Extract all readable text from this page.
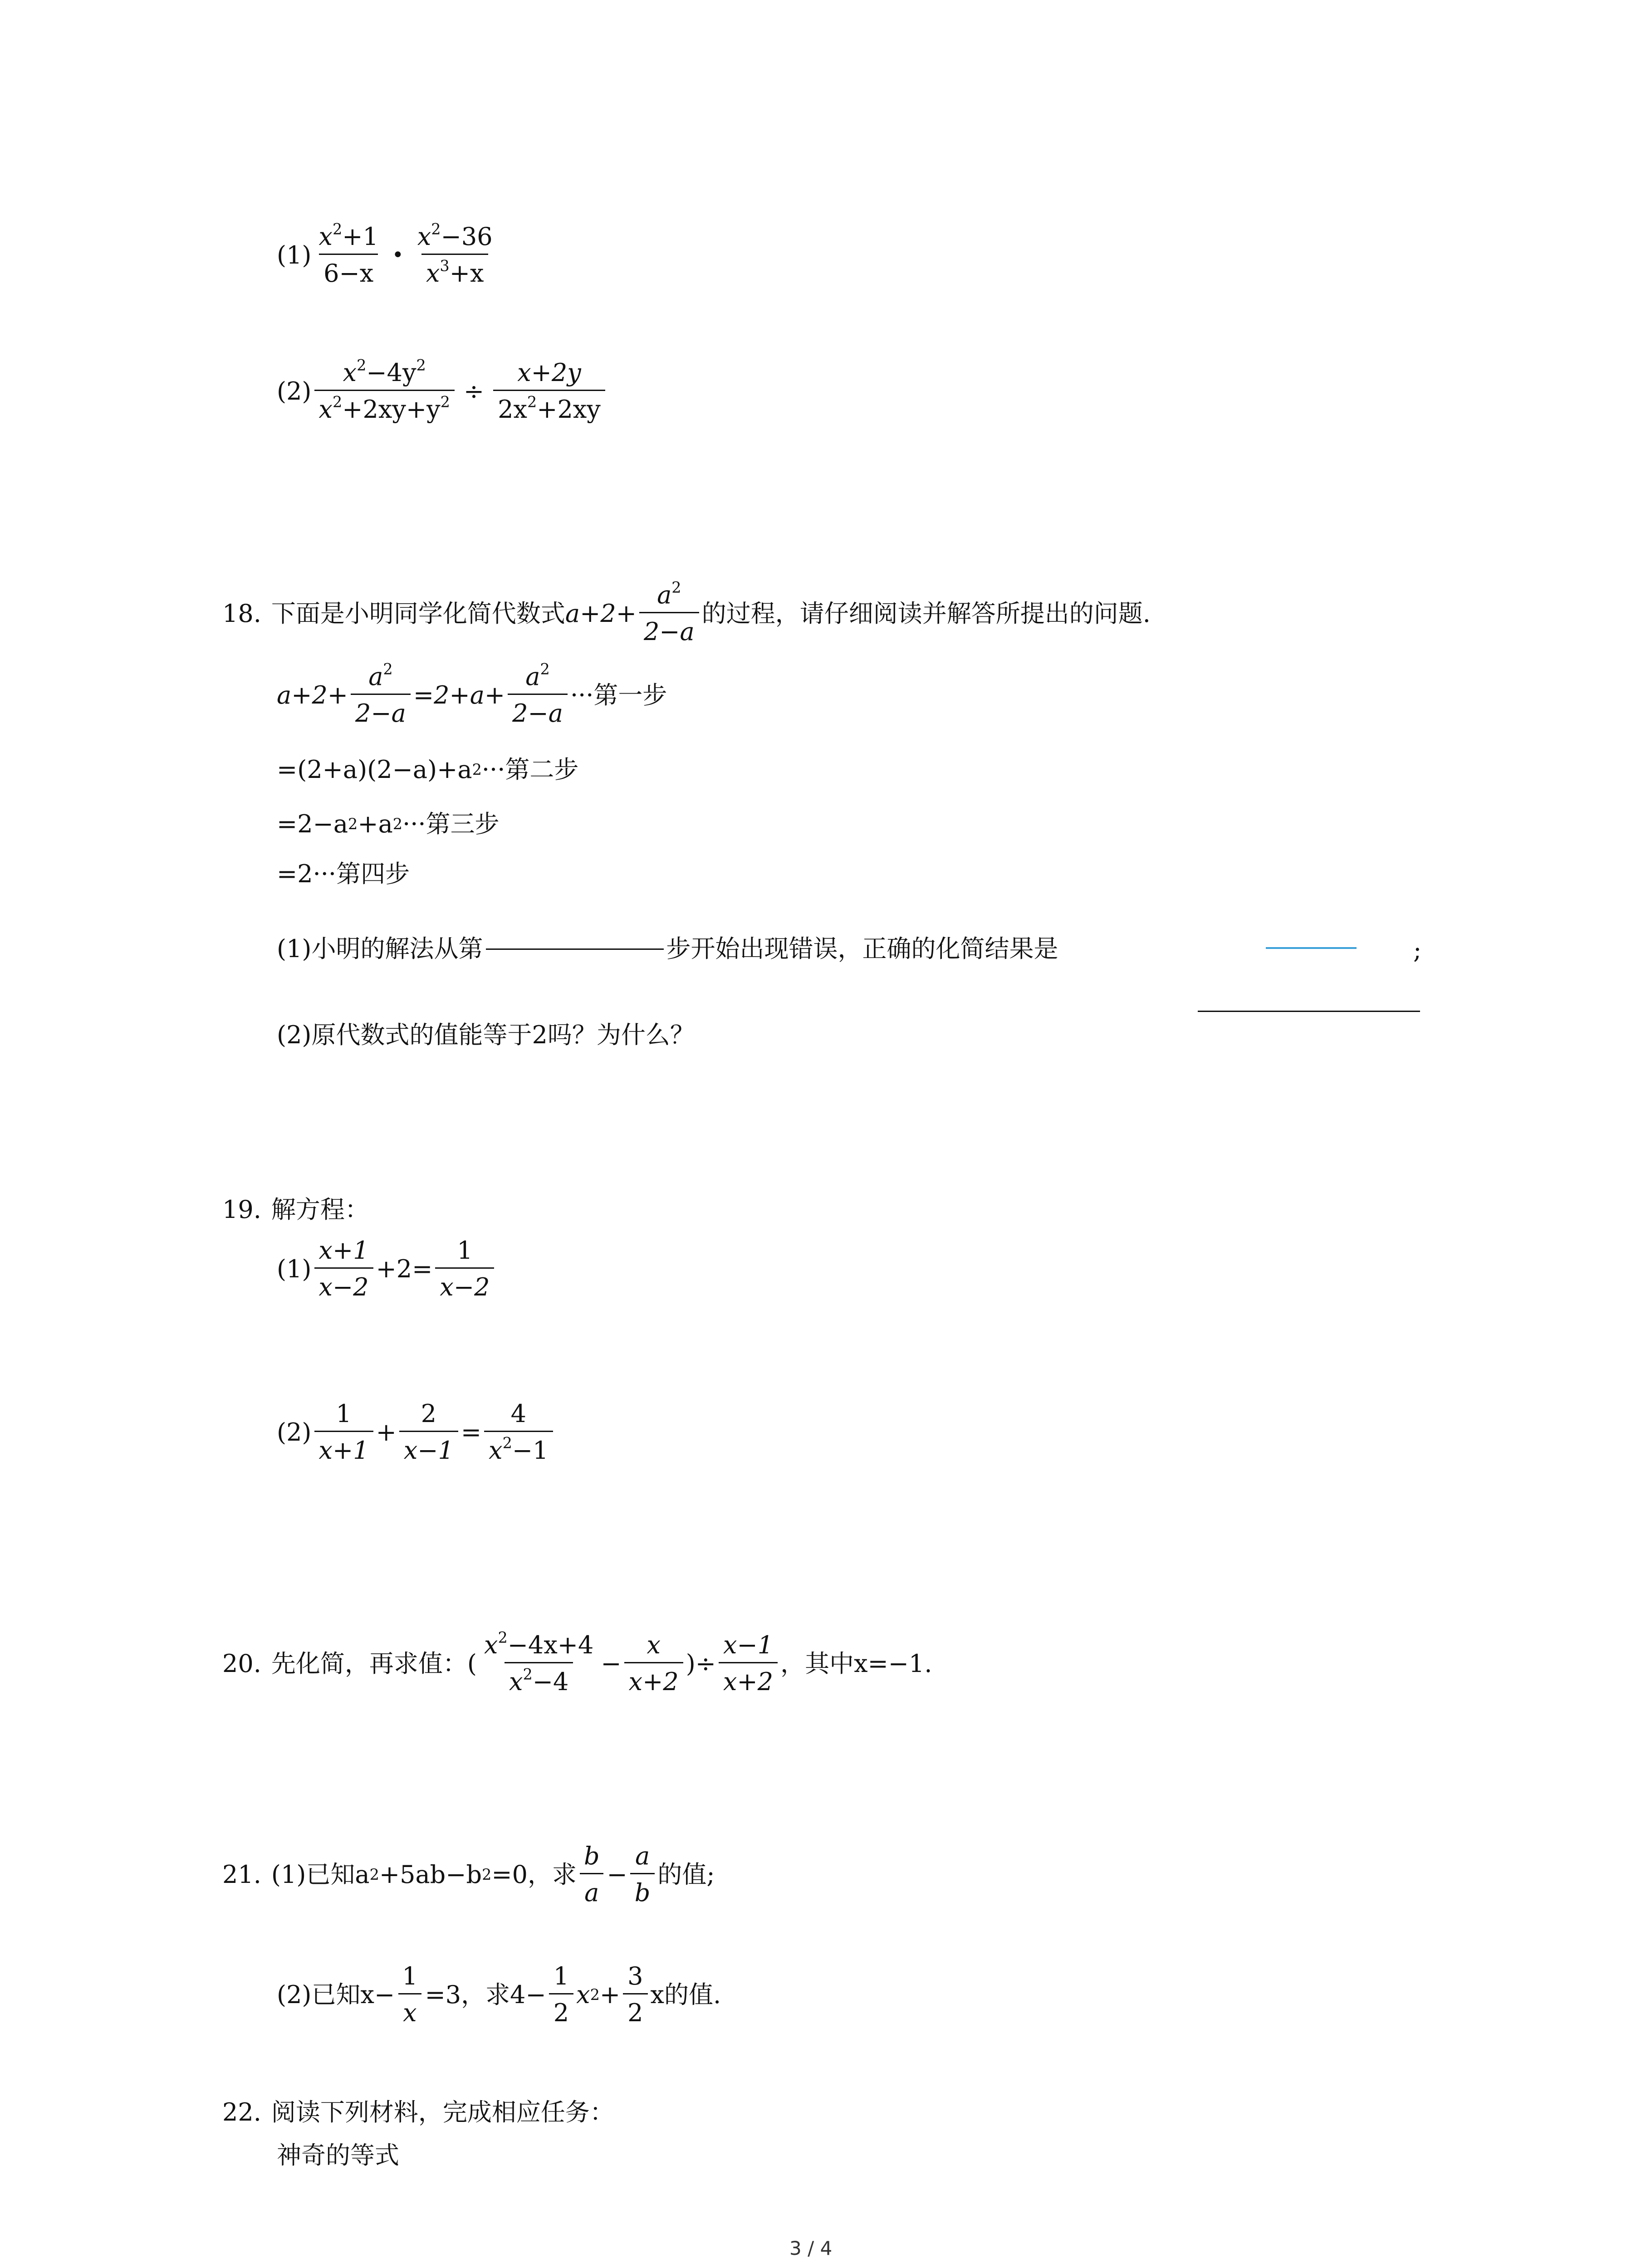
(1)
$x^2+1$
6−x
•
$x^2-36$
$x^3+x$
$(2) \frac{x^2-4y^2}{x^2+2xy+y^2} \div \frac{x+2y}{2x^2+2xy}$
18. 下面是小明同学化简代数式 $a+2+ \frac{a^2}{2-a}$ 的过程，请仔细阅读并解答所提出的问题.
$a+2+ \frac{a^2}{2-a} =2+a+ \frac{a^2}{2-a}$ ···第一步
=(2+a)(2−a)+a 2 ···第二步
=2−a 2 +a 2 ···第三步
=2···第四步
(1)小明的解法从第	步开始出现错误，正确的化简结果是	;
(2)原代数式的值能等于2吗？为什么？
19. 解方程：
(1)
x+1
x−2
$+2= \frac{1}{x-2}$
(2)
1
x+1
+ $\frac{2}{x-1} = \frac{4}{x^2-1}$
20. 先化简，再求值：(
$x^2-4x+4$
$x^2-4$
− $\frac{x}{x+2}$ )÷ $\frac{x-1}{x+2}$ ，其中x=−1.
21. (1)已知a 2 +5ab−b 2 =0，求
b
a
− $\frac{a}{b}$ 的值;
(2)已知$x- \frac{1}{x} =3$，求$4- \frac{1}{2}$ x $2 + \frac{3}{2}$ x的值.
22. 阅读下列材料，完成相应任务：
神奇的等式
3 / 4
